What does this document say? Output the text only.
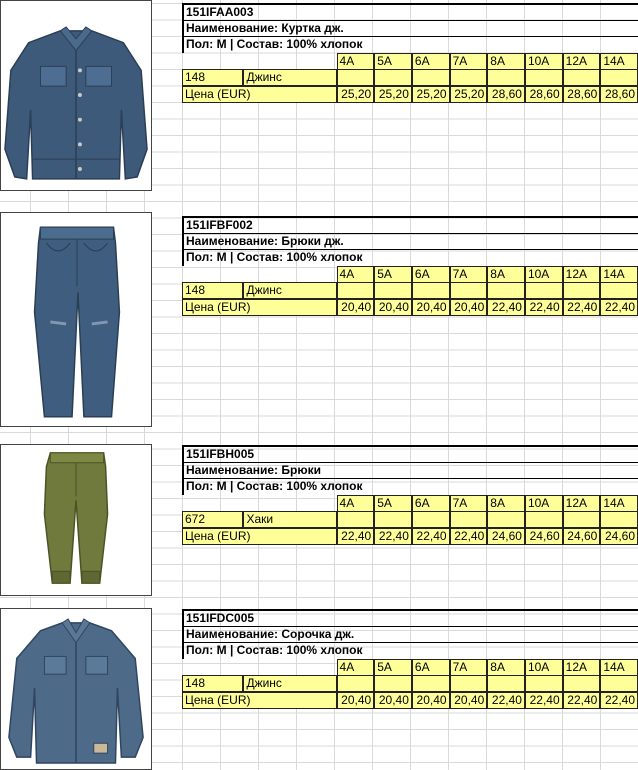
151IFAA003
Наименование: Куртка дж.
Пол: M | Состав: 100% хлопок
4A	5A	6A	7A	8A	10A	12A	14A
148	Джинс
Цена (EUR)	25,20 25,20 25,20 25,20 28,60 28,60 28,60 28,60
151IFBF002
Наименование: Брюки дж.
Пол: M | Состав: 100% хлопок
4A	5A	6A	7A	8A	10A	12A	14A
148	Джинс
Цена (EUR)	20,40 20,40 20,40 20,40 22,40 22,40 22,40 22,40
151IFBH005
Наименование: Брюки
Пол: M | Состав: 100% хлопок
4A	5A	6A	7A	8A	10A	12A	14A
672	Хаки
Цена (EUR)	22,40 22,40 22,40 22,40 24,60 24,60 24,60 24,60
151IFDC005
Наименование: Сорочка дж.
Пол: M | Состав: 100% хлопок
4A	5A	6A	7A	8A	10A	12A	14A
148	Джинс
Цена (EUR)	20,40 20,40 20,40 20,40 22,40 22,40 22,40 22,40
